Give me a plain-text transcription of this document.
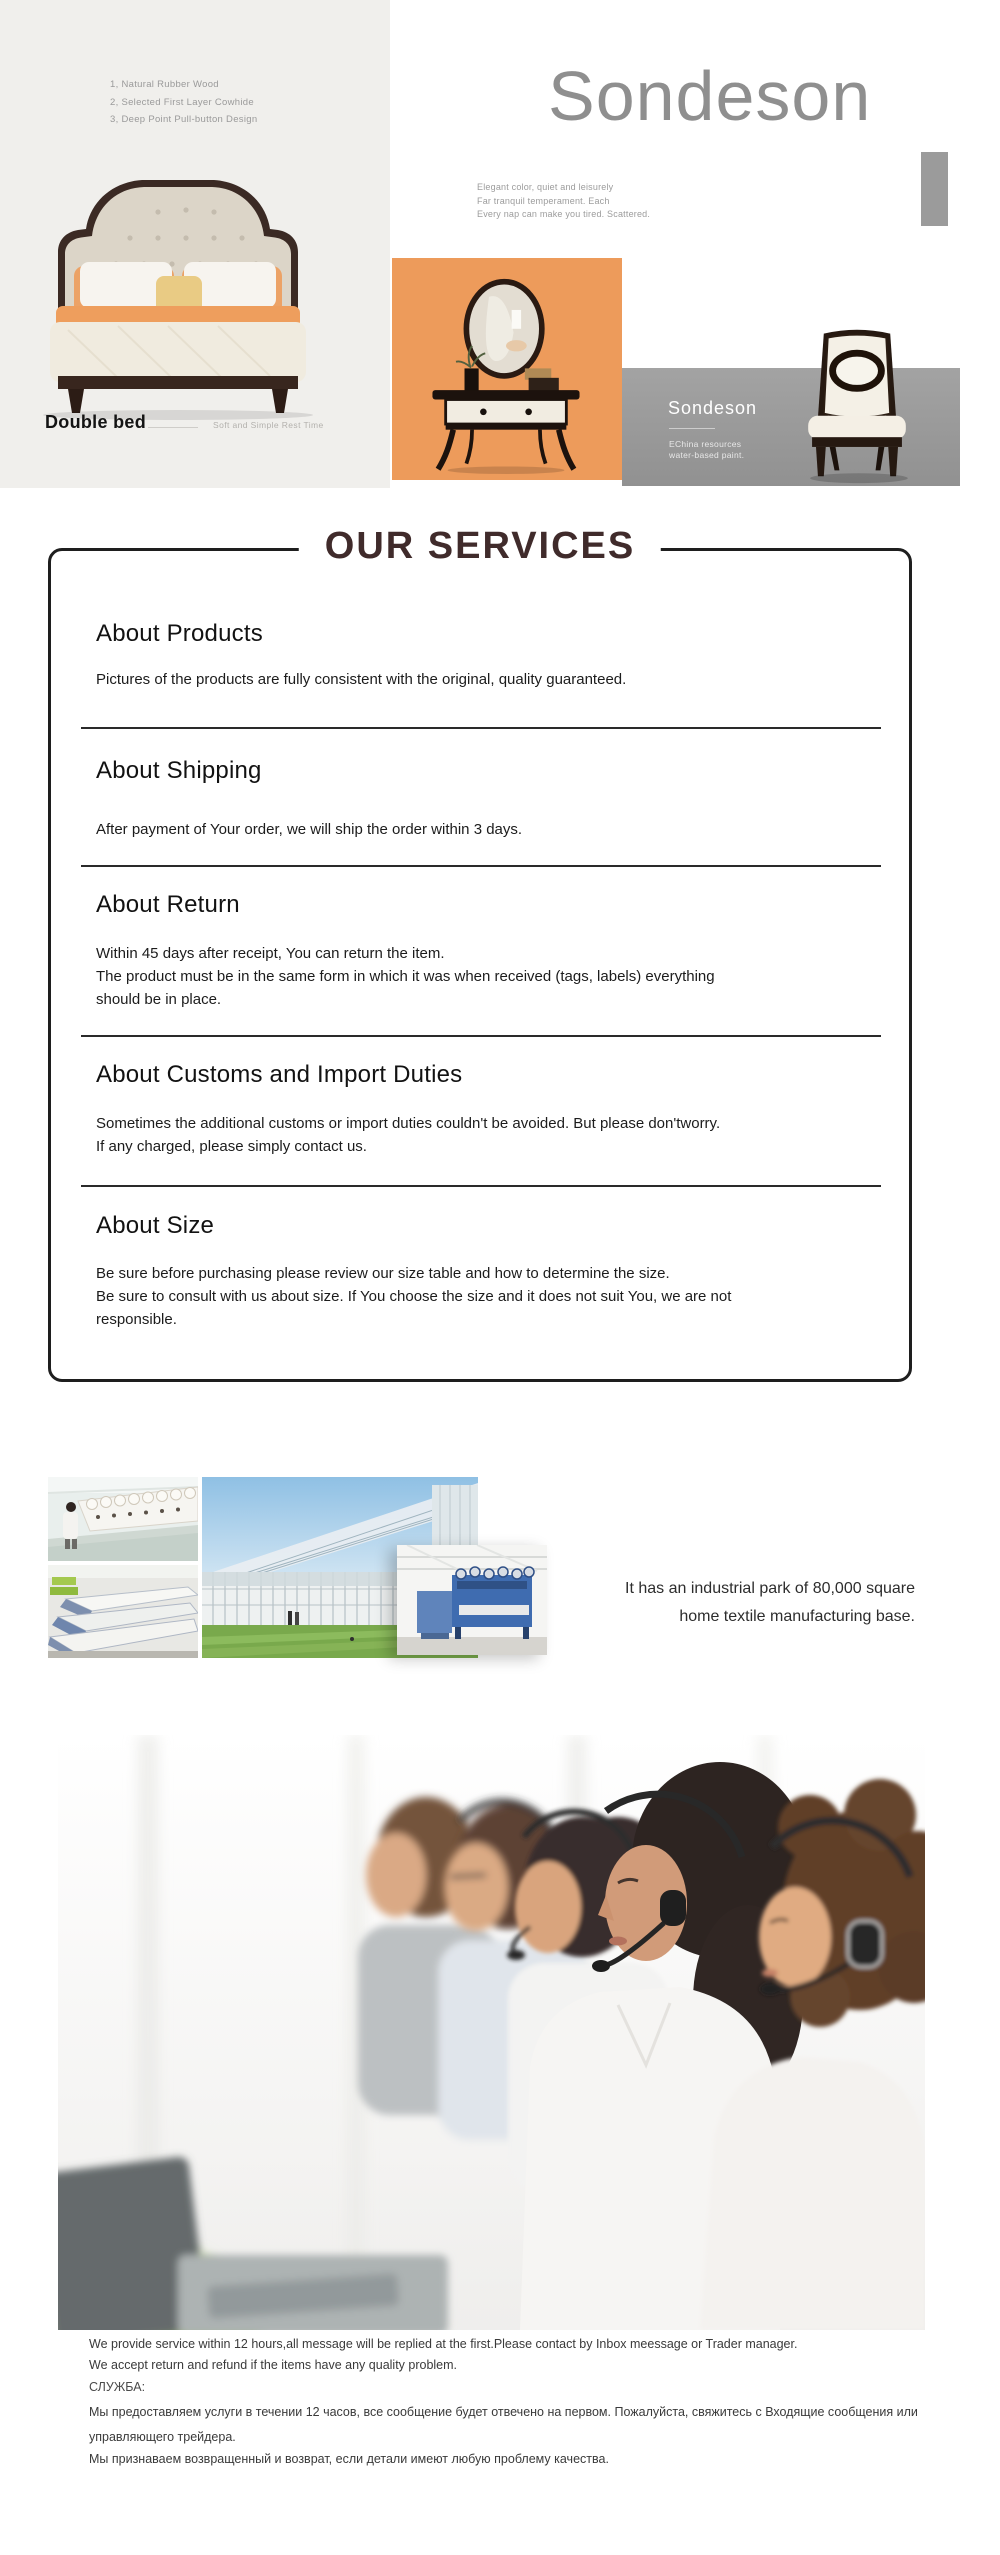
1, Natural Rubber Wood
2, Selected First Layer Cowhide
3, Deep Point Pull-button Design
Double bed	Soft and Simple Rest Time
Sondeson
Elegant color, quiet and leisurely
Far tranquil temperament. Each
Every nap can make you tired. Scattered.
Sondeson
EChina resources
water-based paint.
OUR SERVICES
About Products
Pictures of the products are fully consistent with the original, quality guaranteed.
About Shipping
After payment of Your order, we will ship the order within 3 days.
About Return
Within 45 days after receipt, You can return the item.
The product must be in the same form in which it was when received (tags, labels) everything
should be in place.
About Customs and Import Duties
Sometimes the additional customs or import duties couldn't be avoided. But please don'tworry.
If any charged, please simply contact us.
About Size
Be sure before purchasing please review our size table and how to determine the size.
Be sure to consult with us about size. If You choose the size and it does not suit You, we are not
responsible.
It has an industrial park of 80,000 square
home textile manufacturing base.
We provide service within 12 hours,all message will be replied at the first.Please contact by Inbox meessage or Trader manager.
We accept return and refund if the items have any quality problem.
СЛУЖБА:
Мы предоставляем услуги в течении 12 часов, все сообщение будет отвечено на первом. Пожалуйста, свяжитесь с Входящие сообщения или
управляющего трейдера.
Мы признаваем возвращенный и возврат, если детали имеют любую проблему качества.
